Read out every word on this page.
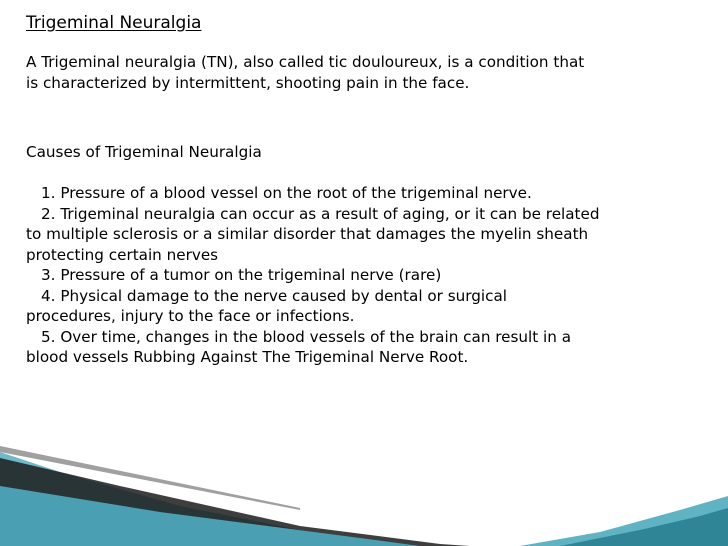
Trigeminal Neuralgia
A Trigeminal neuralgia (TN), also called tic douloureux, is a condition that
is characterized by intermittent, shooting pain in the face.
Causes of Trigeminal Neuralgia
1. Pressure of a blood vessel on the root of the trigeminal nerve.
2. Trigeminal neuralgia can occur as a result of aging, or it can be related
to multiple sclerosis or a similar disorder that damages the myelin sheath
protecting certain nerves
3. Pressure of a tumor on the trigeminal nerve (rare)
4. Physical damage to the nerve caused by dental or surgical
procedures, injury to the face or infections.
5. Over time, changes in the blood vessels of the brain can result in a
blood vessels Rubbing Against The Trigeminal Nerve Root.
